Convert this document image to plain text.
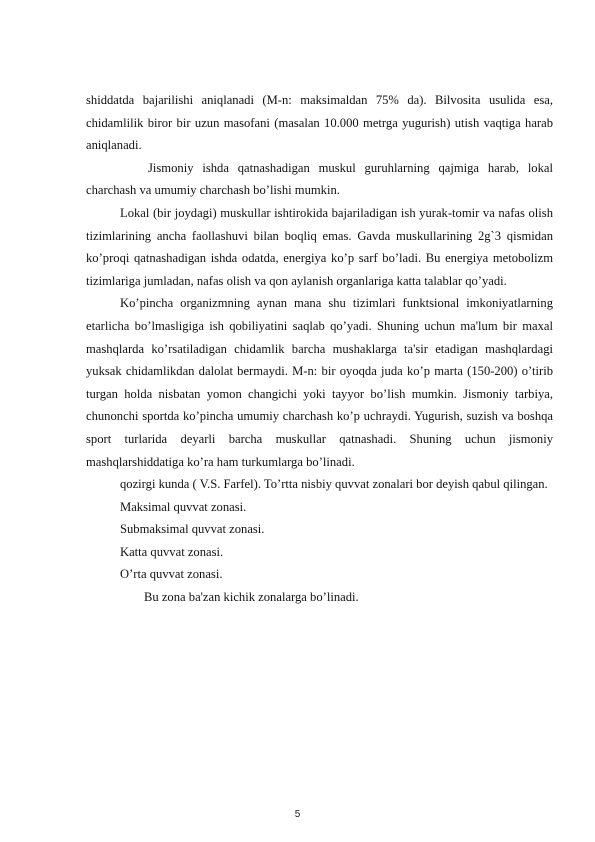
shiddatda bajarilishi aniqlanadi (M-n: maksimaldan 75% da). Bilvosita usulida esa, chidamlilik biror bir uzun masofani (masalan 10.000 metrga yugurish) utish vaqtiga harab aniqlanadi.

Jismoniy ishda qatnashadigan muskul guruhlarning qajmiga harab, lokal charchash va umumiy charchash bo’lishi mumkin.

Lokal (bir joydagi) muskullar ishtirokida bajariladigan ish yurak-tomir va nafas olish tizimlarining ancha faollashuvi bilan boqliq emas. Gavda muskullarining 2g`3 qismidan ko’proqi qatnashadigan ishda odatda, energiya ko’p sarf bo’ladi. Bu energiya metobolizm tizimlariga jumladan, nafas olish va qon aylanish organlariga katta talablar qo’yadi.

Ko’pincha organizmning aynan mana shu tizimlari funktsional imkoniyatlarning etarlicha bo’lmasligiga ish qobiliyatini saqlab qo’yadi. Shuning uchun ma'lum bir maxal mashqlarda ko’rsatiladigan chidamlik barcha mushaklarga ta'sir etadigan mashqlardagi yuksak chidamlikdan dalolat bermaydi. M-n: bir oyoqda juda ko’p marta (150-200) o’tirib turgan holda nisbatan yomon changichi yoki tayyor bo’lish mumkin. Jismoniy tarbiya, chunonchi sportda ko’pincha umumiy charchash ko’p uchraydi. Yugurish, suzish va boshqa sport turlarida deyarli barcha muskullar qatnashadi. Shuning uchun jismoniy mashqlarshiddatiga ko’ra ham turkumlarga bo’linadi.

qozirgi kunda ( V.S. Farfel). To’rtta nisbiy quvvat zonalari bor deyish qabul qilingan.

Maksimal quvvat zonasi.

Submaksimal quvvat zonasi.

Katta quvvat zonasi.

O’rta quvvat zonasi.

Bu zona ba'zan kichik zonalarga bo’linadi.

5
